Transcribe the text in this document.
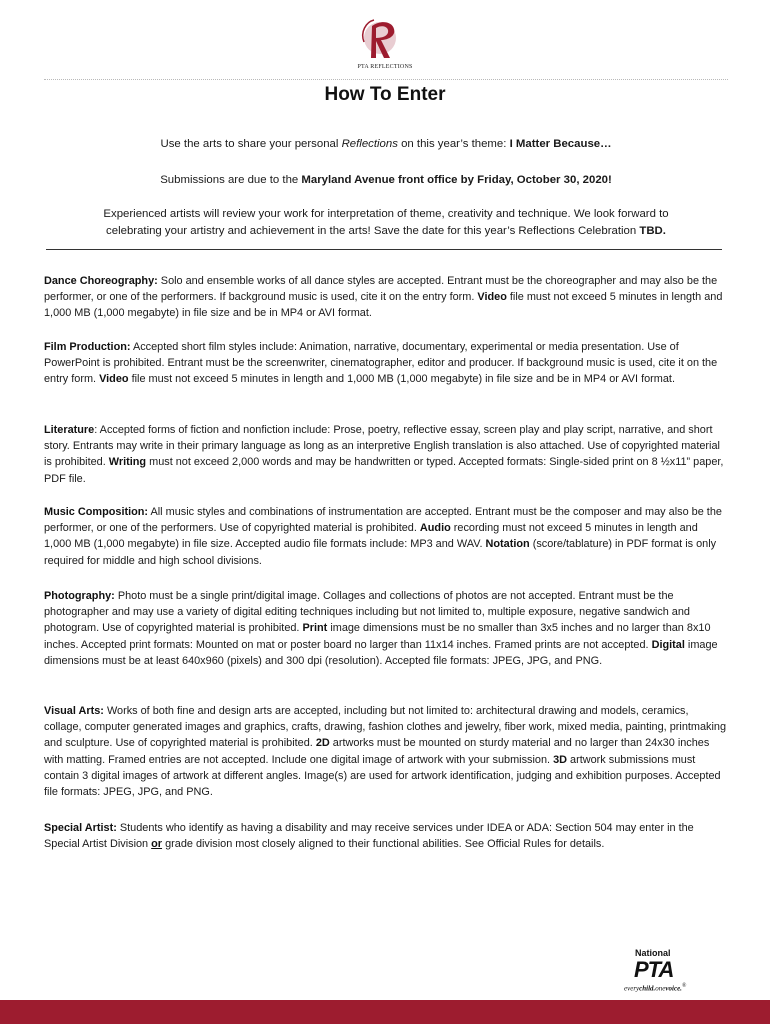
PTA REFLECTIONS
How To Enter
Use the arts to share your personal Reflections on this year’s theme: I Matter Because…
Submissions are due to the Maryland Avenue front office by Friday, October 30, 2020!
Experienced artists will review your work for interpretation of theme, creativity and technique. We look forward to
celebrating your artistry and achievement in the arts! Save the date for this year’s Reflections Celebration TBD.
Dance Choreography: Solo and ensemble works of all dance styles are accepted. Entrant must be the choreographer and may also be the performer, or one of the performers. If background music is used, cite it on the entry form. Video file must not exceed 5 minutes in length and 1,000 MB (1,000 megabyte) in file size and be in MP4 or AVI format.
Film Production: Accepted short film styles include: Animation, narrative, documentary, experimental or media presentation. Use of PowerPoint is prohibited. Entrant must be the screenwriter, cinematographer, editor and producer. If background music is used, cite it on the entry form. Video file must not exceed 5 minutes in length and 1,000 MB (1,000 megabyte) in file size and be in MP4 or AVI format.
Literature: Accepted forms of fiction and nonfiction include: Prose, poetry, reflective essay, screen play and play script, narrative, and short story. Entrants may write in their primary language as long as an interpretive English translation is also attached. Use of copyrighted material is prohibited. Writing must not exceed 2,000 words and may be handwritten or typed. Accepted formats: Single-sided print on 8 ½x11” paper, PDF file.
Music Composition: All music styles and combinations of instrumentation are accepted. Entrant must be the composer and may also be the performer, or one of the performers. Use of copyrighted material is prohibited. Audio recording must not exceed 5 minutes in length and 1,000 MB (1,000 megabyte) in file size. Accepted audio file formats include: MP3 and WAV. Notation (score/tablature) in PDF format is only required for middle and high school divisions.
Photography: Photo must be a single print/digital image. Collages and collections of photos are not accepted. Entrant must be the photographer and may use a variety of digital editing techniques including but not limited to, multiple exposure, negative sandwich and photogram. Use of copyrighted material is prohibited. Print image dimensions must be no smaller than 3x5 inches and no larger than 8x10 inches. Accepted print formats: Mounted on mat or poster board no larger than 11x14 inches. Framed prints are not accepted. Digital image dimensions must be at least 640x960 (pixels) and 300 dpi (resolution). Accepted file formats: JPEG, JPG, and PNG.
Visual Arts: Works of both fine and design arts are accepted, including but not limited to: architectural drawing and models, ceramics, collage, computer generated images and graphics, crafts, drawing, fashion clothes and jewelry, fiber work, mixed media, painting, printmaking and sculpture. Use of copyrighted material is prohibited. 2D artworks must be mounted on sturdy material and no larger than 24x30 inches with matting. Framed entries are not accepted. Include one digital image of artwork with your submission. 3D artwork submissions must contain 3 digital images of artwork at different angles. Image(s) are used for artwork identification, judging and exhibition purposes. Accepted file formats: JPEG, JPG, and PNG.
Special Artist: Students who identify as having a disability and may receive services under IDEA or ADA: Section 504 may enter in the Special Artist Division or grade division most closely aligned to their functional abilities. See Official Rules for details.
National
PTA
everychild.onevoice.®
